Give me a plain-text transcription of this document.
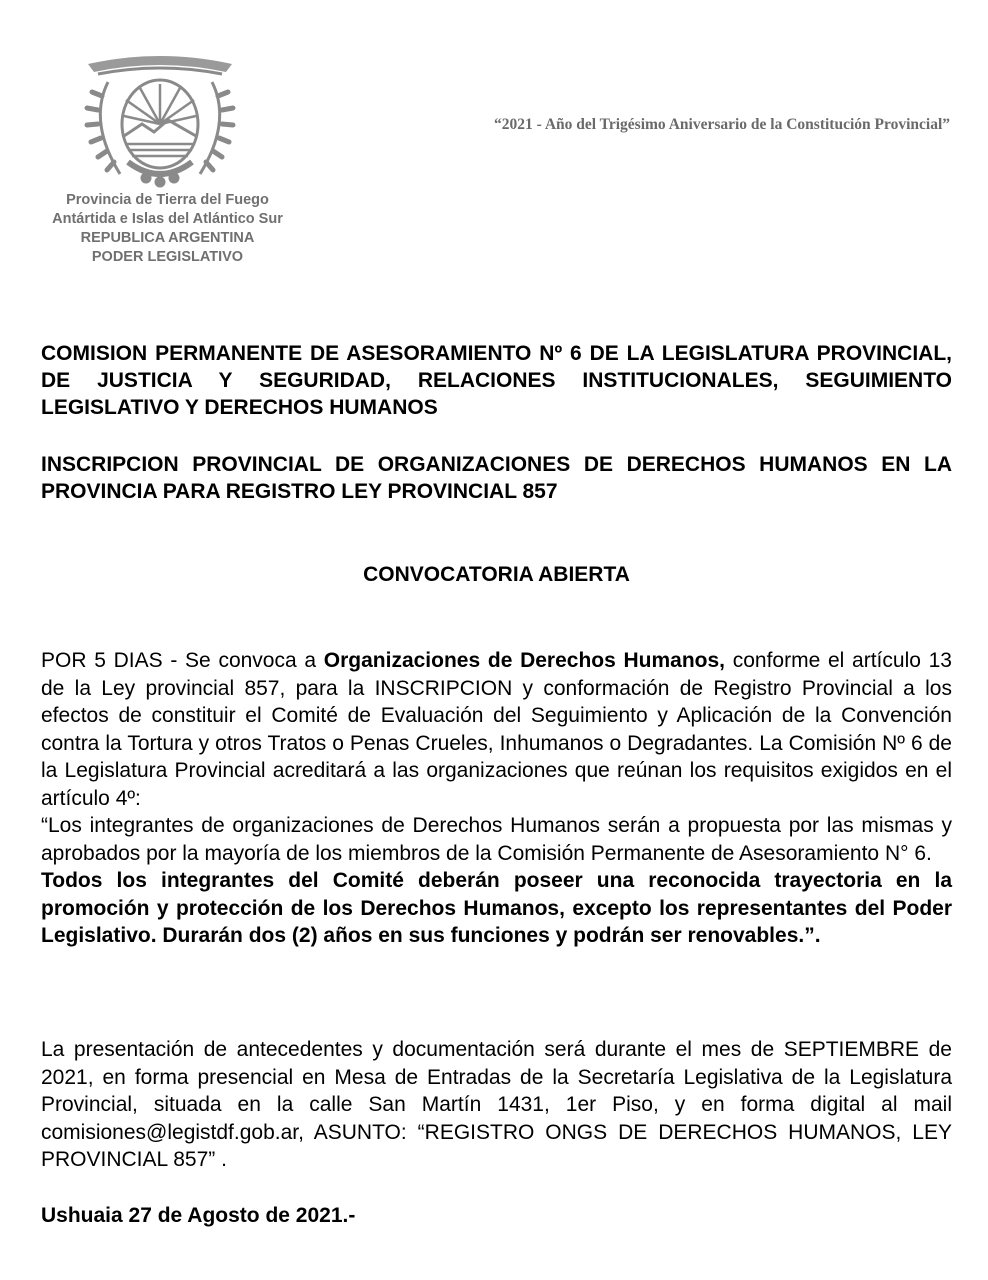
Provincia de Tierra del Fuego
Antártida e Islas del Atlántico Sur
REPUBLICA ARGENTINA
PODER LEGISLATIVO
“2021 - Año del Trigésimo Aniversario de la Constitución Provincial”
COMISION PERMANENTE DE ASESORAMIENTO Nº 6 DE LA LEGISLATURA PROVINCIAL, DE JUSTICIA Y SEGURIDAD, RELACIONES INSTITUCIONALES, SEGUIMIENTO LEGISLATIVO Y DERECHOS HUMANOS
INSCRIPCION PROVINCIAL DE ORGANIZACIONES DE DERECHOS HUMANOS EN LA PROVINCIA PARA REGISTRO LEY PROVINCIAL 857
CONVOCATORIA ABIERTA

POR 5 DIAS - Se convoca a Organizaciones de Derechos Humanos, conforme el artículo 13 de la Ley provincial 857, para la INSCRIPCION y conformación de Registro Provincial a los efectos de constituir el Comité de Evaluación del Seguimiento y Aplicación de la Convención contra la Tortura y otros Tratos o Penas Crueles, Inhumanos o Degradantes. La Comisión Nº 6 de la Legislatura Provincial acreditará a las organizaciones que reúnan los requisitos exigidos en el artículo 4º:

“Los integrantes de organizaciones de Derechos Humanos serán a propuesta por las mismas y aprobados por la mayoría de los miembros de la Comisión Permanente de Asesoramiento N° 6.

Todos los integrantes del Comité deberán poseer una reconocida trayectoria en la promoción y protección de los Derechos Humanos, excepto los representantes del Poder Legislativo. Durarán dos (2) años en sus funciones y podrán ser renovables.”.

La presentación de antecedentes y documentación será durante el mes de SEPTIEMBRE de 2021, en forma presencial en Mesa de Entradas de la Secretaría Legislativa de la Legislatura Provincial, situada en la calle San Martín 1431, 1er Piso, y en forma digital al mail comisiones@legistdf.gob.ar, ASUNTO: “REGISTRO ONGS DE DERECHOS HUMANOS, LEY PROVINCIAL 857” .

Ushuaia 27 de Agosto de 2021.-
